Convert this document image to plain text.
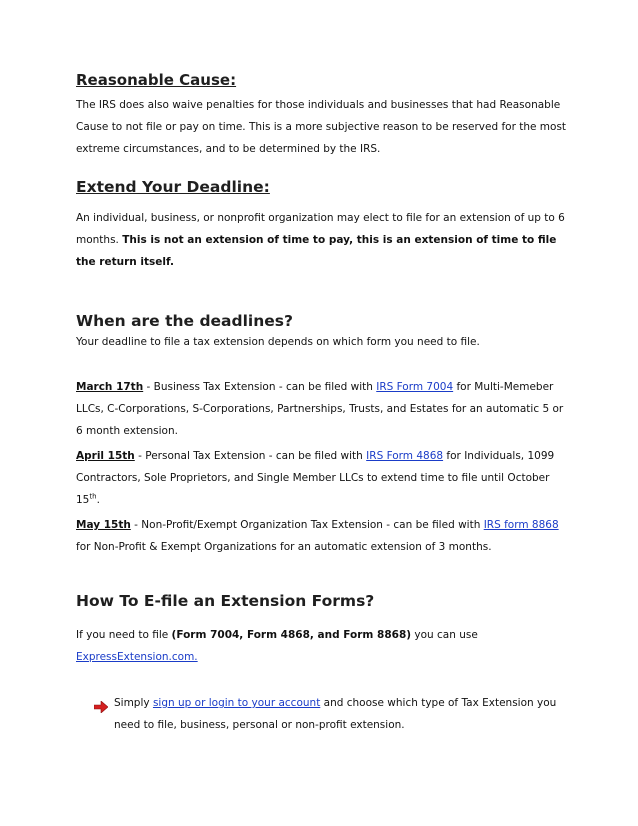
Reasonable Cause:

The IRS does also waive penalties for those individuals and businesses that had Reasonable Cause to not file or pay on time. This is a more subjective reason to be reserved for the most extreme circumstances, and to be determined by the IRS.

Extend Your Deadline:

An individual, business, or nonprofit organization may elect to file for an extension of up to 6 months. This is not an extension of time to pay, this is an extension of time to file the return itself.

When are the deadlines?

Your deadline to file a tax extension depends on which form you need to file.

March 17th - Business Tax Extension - can be filed with IRS Form 7004 for Multi-Memeber LLCs, C-Corporations, S-Corporations, Partnerships, Trusts, and Estates for an automatic 5 or 6 month extension.

April 15th - Personal Tax Extension - can be filed with IRS Form 4868 for Individuals, 1099 Contractors, Sole Proprietors, and Single Member LLCs to extend time to file until October 15th.

May 15th - Non-Profit/Exempt Organization Tax Extension - can be filed with IRS form 8868 for Non-Profit & Exempt Organizations for an automatic extension of 3 months.

How To E-file an Extension Forms?

If you need to file (Form 7004, Form 4868, and Form 8868) you can use
ExpressExtension.com.

Simply sign up or login to your account and choose which type of Tax Extension you need to file, business, personal or non-profit extension.
